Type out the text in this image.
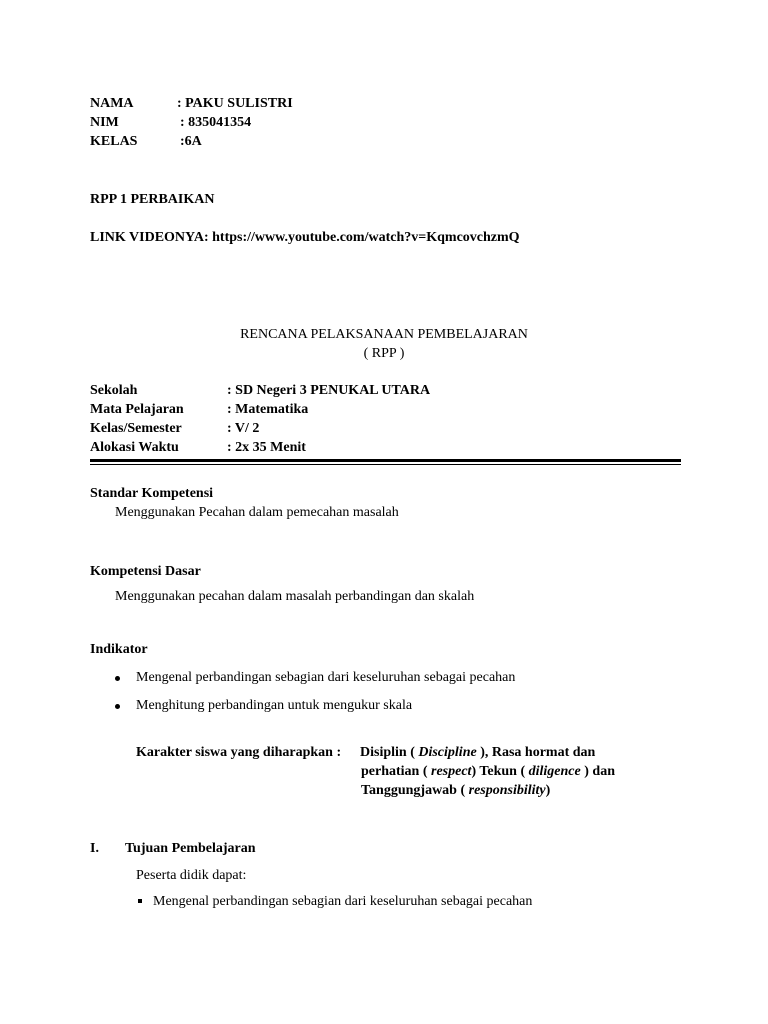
NAMA	: PAKU SULISTRI
NIM	: 835041354
KELAS	:6A
RPP 1 PERBAIKAN
LINK VIDEONYA: https://www.youtube.com/watch?v=KqmcovchzmQ
RENCANA PELAKSANAAN PEMBELAJARAN
( RPP )
Sekolah	: SD Negeri 3 PENUKAL UTARA
Mata Pelajaran	: Matematika
Kelas/Semester	: V/ 2
Alokasi Waktu	: 2x 35 Menit
Standar Kompetensi
Menggunakan Pecahan dalam pemecahan masalah
Kompetensi Dasar
Menggunakan pecahan dalam masalah perbandingan dan skalah
Indikator
Mengenal perbandingan sebagian dari keseluruhan sebagai pecahan
Menghitung perbandingan untuk mengukur skala
Karakter siswa yang diharapkan : Disiplin ( Discipline ), Rasa hormat dan
perhatian ( respect) Tekun ( diligence ) dan
Tanggungjawab ( responsibility)
I. Tujuan Pembelajaran
Peserta didik dapat:
Mengenal perbandingan sebagian dari keseluruhan sebagai pecahan
